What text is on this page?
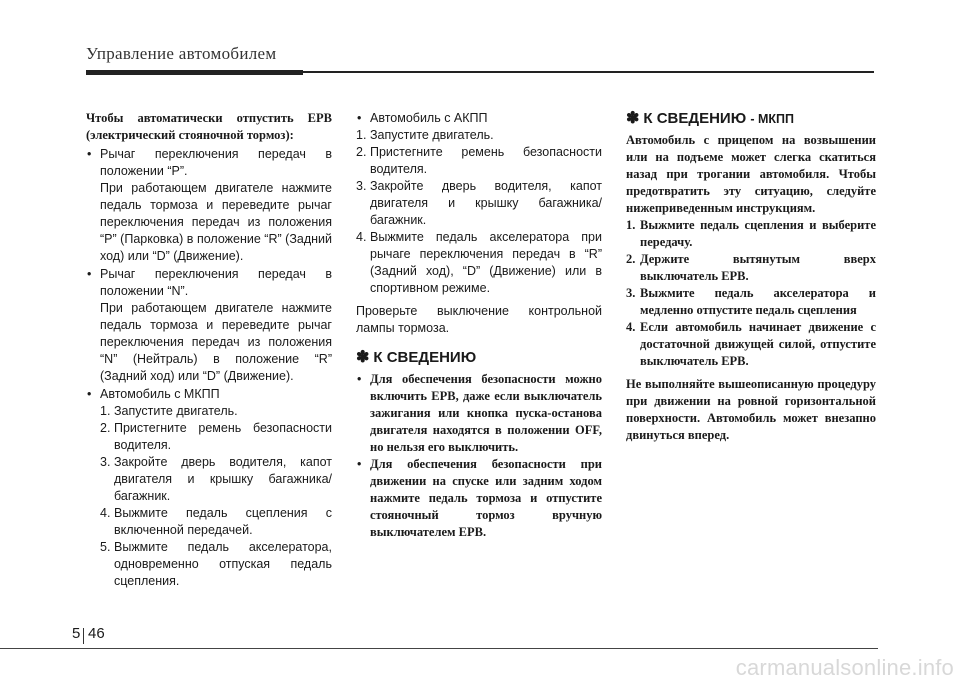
Управление автомобилем

Чтобы автоматически отпустить EPB (электрический стояночной тормоз):

• Рычаг переключения передач в положении “P”.

При работающем двигателе нажмите педаль тормоза и переведите рычаг переключения передач из положения “P” (Парковка) в положение “R” (Задний ход) или “D” (Движение).

• Рычаг переключения передач в положении “N”.

При работающем двигателе нажмите педаль тормоза и переведите рычаг переключения передач из положения “N” (Нейтраль) в положение “R” (Задний ход) или “D” (Движение).

• Автомобиль с МКПП

1. Запустите двигатель.

2. Пристегните ремень безопасности водителя.

3. Закройте дверь водителя, капот двигателя и крышку багажника/багажник.

4. Выжмите педаль сцепления с включенной передачей.

5. Выжмите педаль акселератора, одновременно отпуская педаль сцепления.

• Автомобиль с АКПП

1. Запустите двигатель.

2. Пристегните ремень безопасности водителя.

3. Закройте дверь водителя, капот двигателя и крышку багажника/багажник.

4. Выжмите педаль акселератора при рычаге переключения передач в “R” (Задний ход), “D” (Движение) или в спортивном режиме.

Проверьте выключение контрольной лампы тормоза.

✽ К СВЕДЕНИЮ

• Для обеспечения безопасности можно включить EPB, даже если выключатель зажигания или кнопка пуска-останова двигателя находятся в положении OFF, но нельзя его выключить.

• Для обеспечения безопасности при движении на спуске или задним ходом нажмите педаль тормоза и отпустите стояночный тормоз вручную выключателем EPB.

✽ К СВЕДЕНИЮ - МКПП

Автомобиль с прицепом на возвышении или на подъеме может слегка скатиться назад при трогании автомобиля. Чтобы предотвратить эту ситуацию, следуйте нижеприведенным инструкциям.

1. Выжмите педаль сцепления и выберите передачу.

2. Держите вытянутым вверх выключатель EPB.

3. Выжмите педаль акселератора и медленно отпустите педаль сцепления

4. Если автомобиль начинает движение с достаточной движущей силой, отпустите выключатель EPB.

Не выполняйте вышеописанную процедуру при движении на ровной горизонтальной поверхности. Автомобиль может внезапно двинуться вперед.

5 46
carmanualsonline.info
